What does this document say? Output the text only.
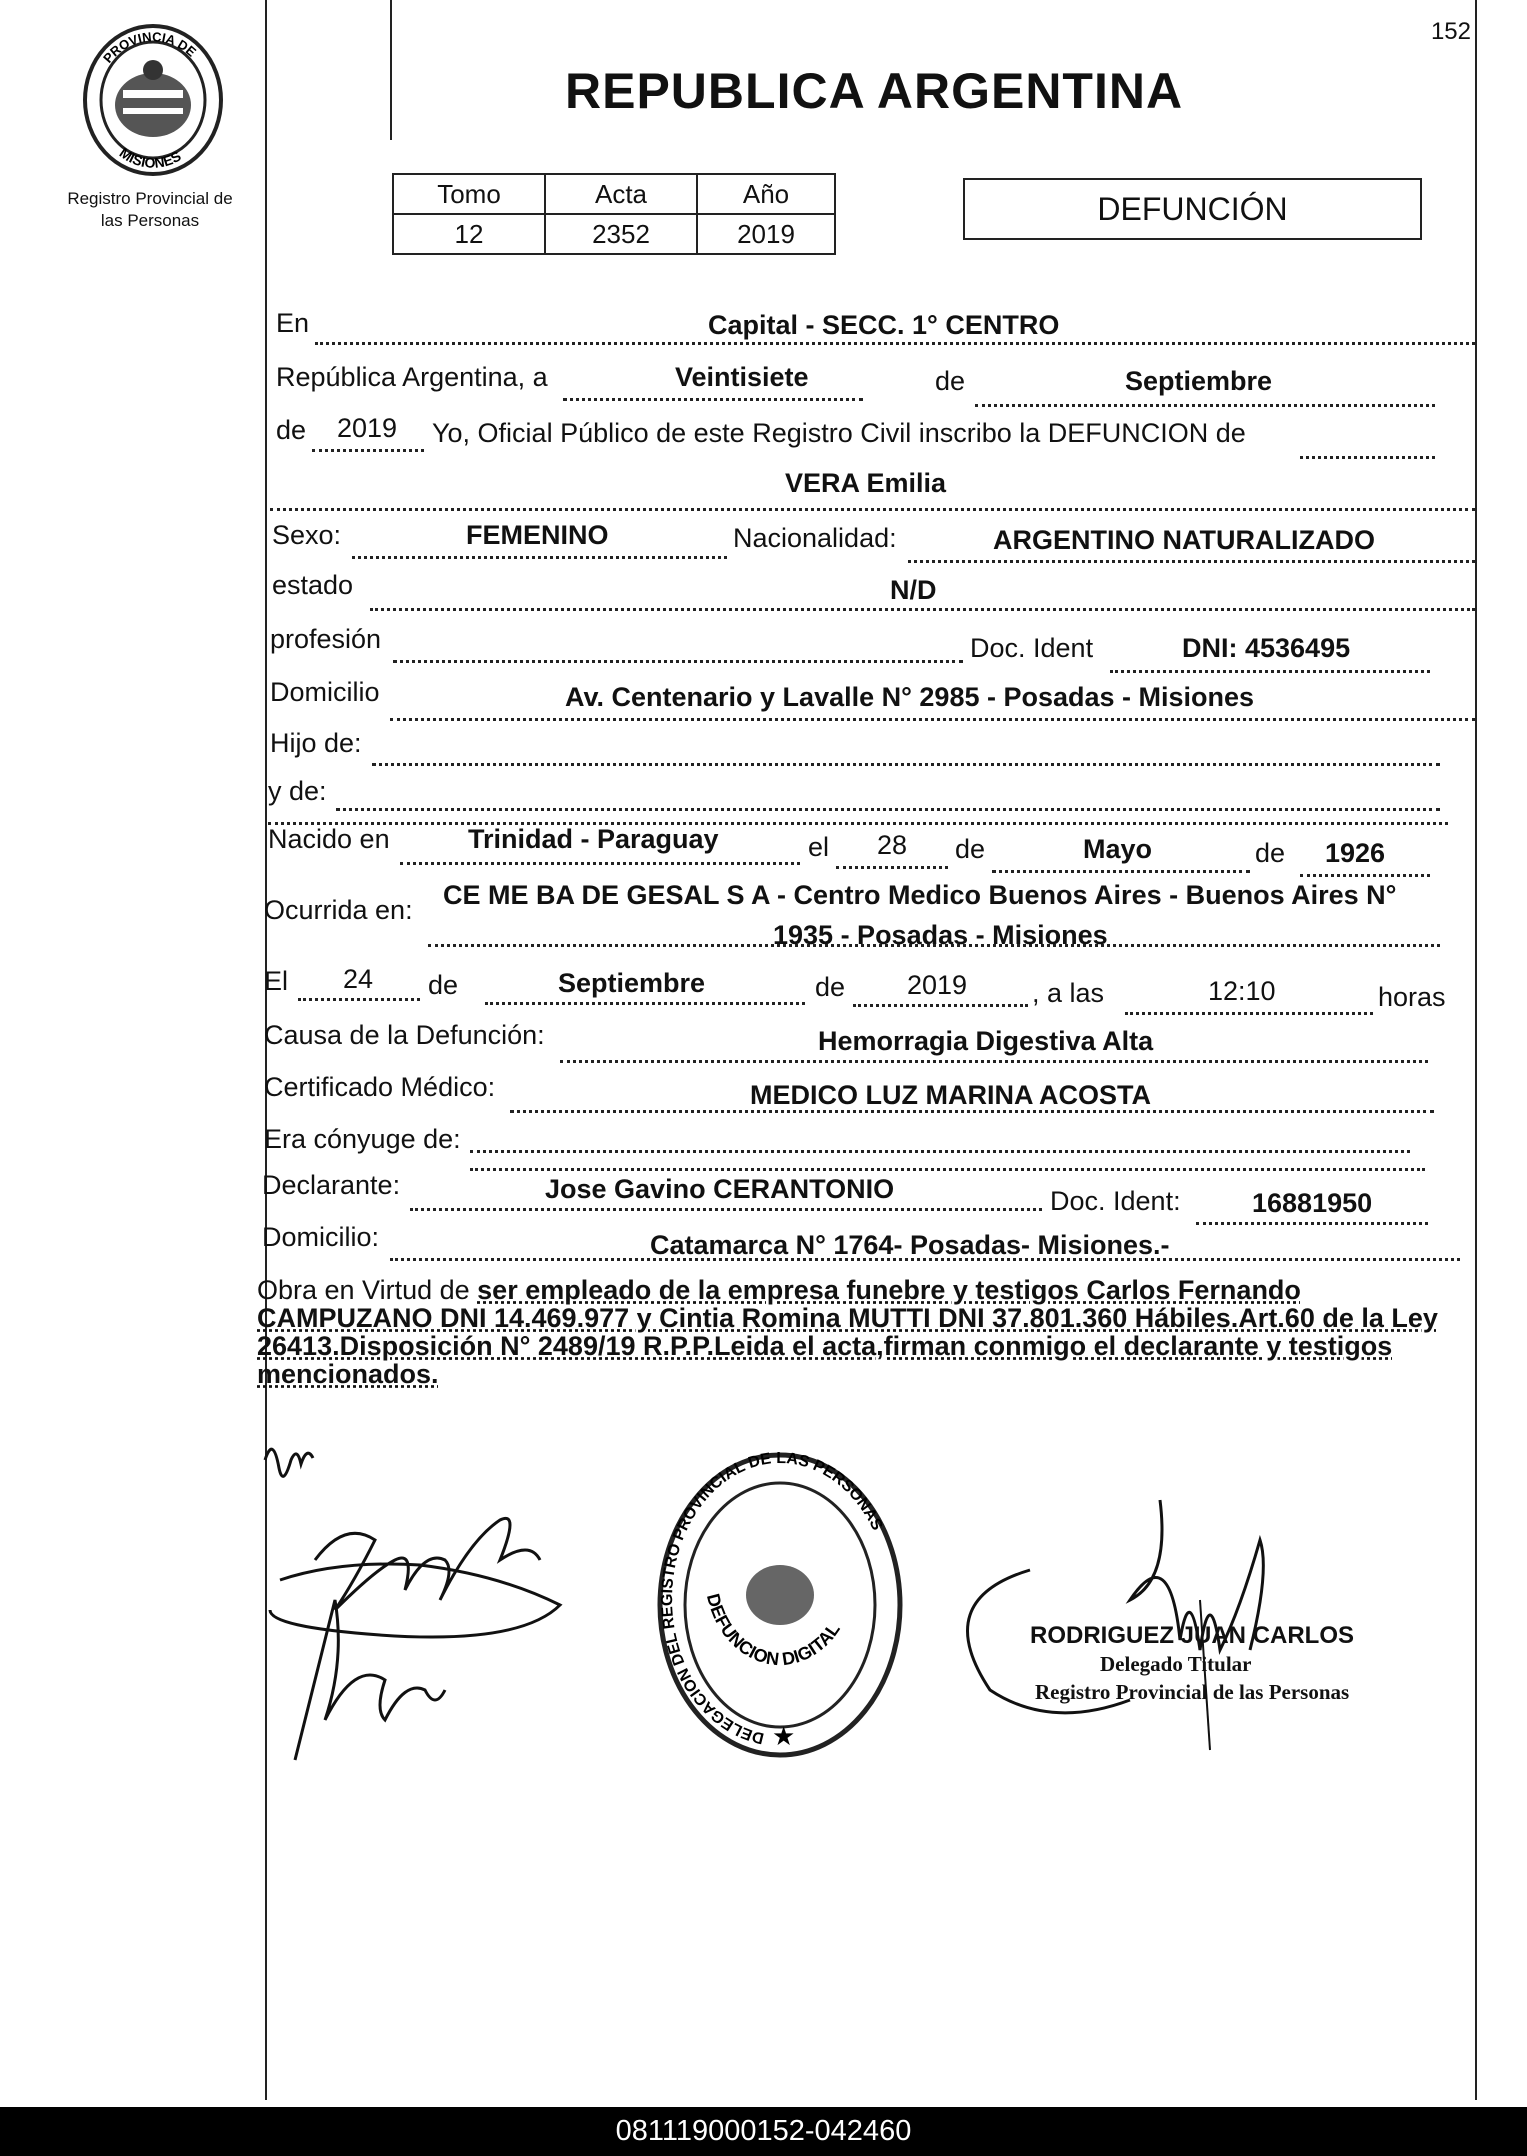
152
PROVINCIA DE
MISIONES
Registro Provincial de
las Personas
REPUBLICA ARGENTINA
Tomo	Acta	Año
12	2352	2019
DEFUNCIÓN
En	Capital - SECC. 1° CENTRO
República Argentina, a	Veintisiete	de	Septiembre
de 2019 Yo, Oficial Público de este Registro Civil inscribo la DEFUNCION de
VERA Emilia
Sexo:	FEMENINO	Nacionalidad:	ARGENTINO NATURALIZADO
estado	N/D
profesión	Doc. Ident	DNI: 4536495
Domicilio	Av. Centenario y Lavalle N° 2985 - Posadas - Misiones
Hijo de:
y de:
Nacido en	Trinidad - Paraguay	el 28 de	Mayo	de 1926
Ocurrida en: CE ME BA DE GESAL S A - Centro Medico Buenos Aires - Buenos Aires N°
1935 - Posadas - Misiones
El 24 de	Septiembre	de 2019 , a las	12:10	horas
Causa de la Defunción:	Hemorragia Digestiva Alta
Certificado Médico:	MEDICO LUZ MARINA ACOSTA
Era cónyuge de:
Declarante:	Jose Gavino CERANTONIO	Doc. Ident:	16881950
Domicilio:	Catamarca N° 1764- Posadas- Misiones.-
Obra en Virtud de ser empleado de la empresa funebre y testigos Carlos Fernando CAMPUZANO DNI 14.469.977 y Cintia Romina MUTTI DNI 37.801.360 Hábiles.Art.60 de la Ley 26413.Disposición N° 2489/19 R.P.P.Leida el acta,firman conmigo el declarante y testigos mencionados.
DELEGACION DEL REGISTRO PROVINCIAL DE LAS PERSONAS
DEFUNCION DIGITAL
★
RODRIGUEZ JUAN CARLOS
Delegado Titular
Registro Provincial de las Personas
081119000152-042460
